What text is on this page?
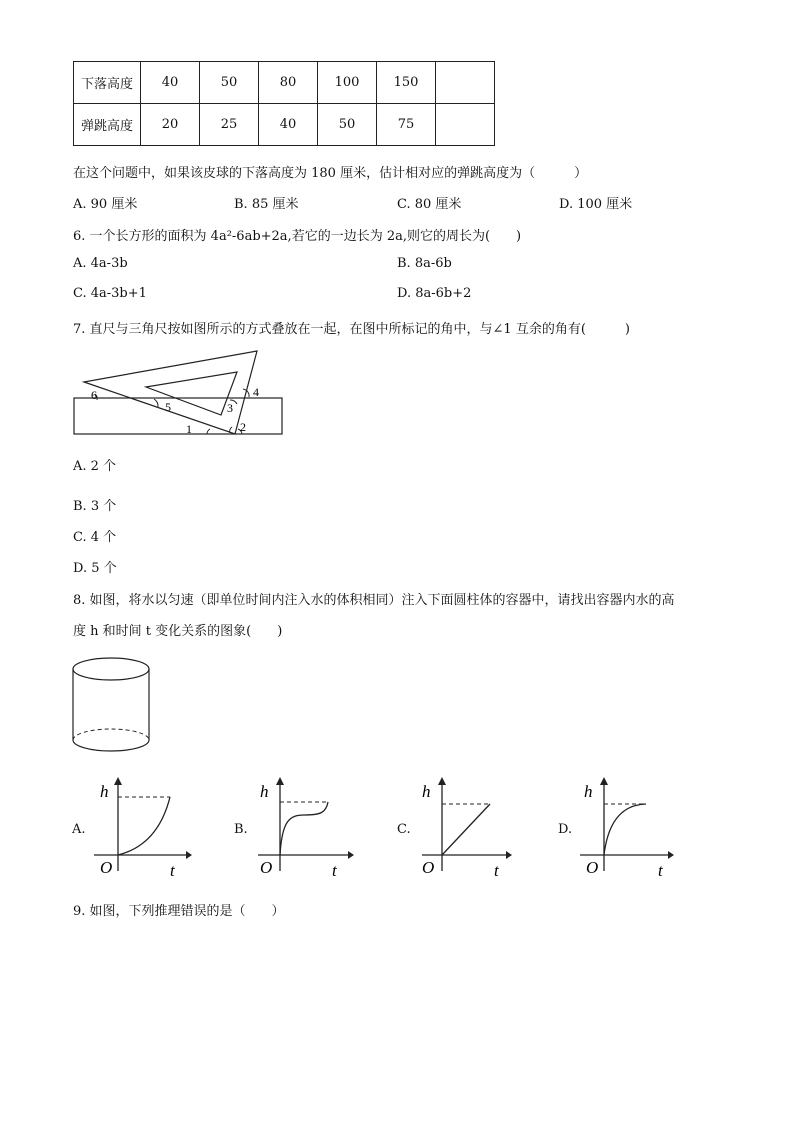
下落高度	40	50	80	100	150	
弹跳高度	20	25	40	50	75	
在这个问题中，如果该皮球的下落高度为 180 厘米，估计相对应的弹跳高度为（　　　）
A. 90 厘米	B. 85 厘米	C. 80 厘米	D. 100 厘米
6. 一个长方形的面积为 4a²-6ab+2a,若它的一边长为 2a,则它的周长为(　　)
A. 4a-3b	B. 8a-6b
C. 4a-3b+1	D. 8a-6b+2
7. 直尺与三角尺按如图所示的方式叠放在一起，在图中所标记的角中，与∠1 互余的角有(　　　)
1	2
3
4
5
6
A. 2 个
B. 3 个
C. 4 个
D. 5 个
8. 如图，将水以匀速（即单位时间内注入水的体积相同）注入下面圆柱体的容器中，请找出容器内水的高
度 h 和时间 t 变化关系的图象(　　)
A.
h
t
O
B.
h
t
O
C.
h
t
O
D.
h
t
O
9. 如图，下列推理错误的是（　　）
